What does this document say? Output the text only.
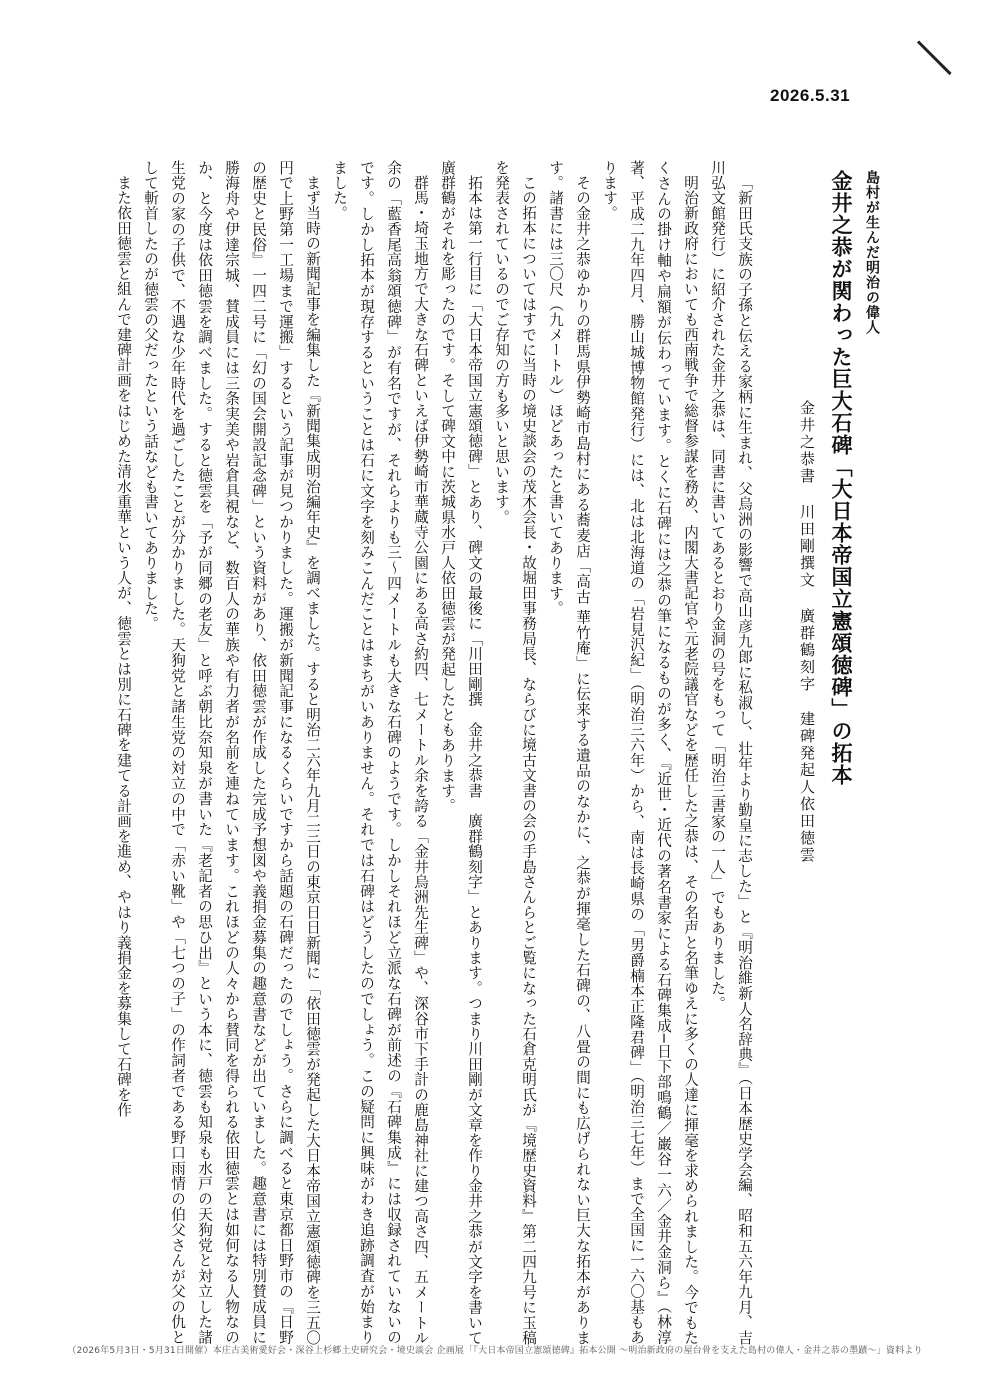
2026.5.31
島村が生んだ明治の偉人
金井之恭が関わった巨大石碑「大日本帝国立憲頌徳碑」の拓本
金井之恭書 川田剛撰文 廣群鶴刻字 建碑発起人依田徳雲

「新田氏支族の子孫と伝える家柄に生まれ、父烏洲の影響で高山彦九郎に私淑し、壮年より勤皇に志した」と『明治維新人名辞典』（日本歴史学会編、昭和五六年九月、吉川弘文館発行）に紹介された金井之恭は、同書に書いてあるとおり金洞の号をもって「明治三書家の一人」でもありました。

明治新政府においても西南戦争で総督参謀を務め、内閣大書記官や元老院議官などを歴任した之恭は、その名声と名筆ゆえに多くの人達に揮毫を求められました。今でもたくさんの掛け軸や扁額が伝わっています。とくに石碑には之恭の筆になるものが多く、『近世・近代の著名書家による石碑集成─日下部鳴鶴／巌谷一六／金井金洞ら』（林淳著、平成二九年四月、勝山城博物館発行）には、北は北海道の「岩見沢紀」（明治三六年）から、南は長崎県の「男爵楠本正隆君碑」（明治三七年）まで全国に一六〇基もあります。

その金井之恭ゆかりの群馬県伊勢崎市島村にある蕎麦店「高古 華竹庵」に伝来する遺品のなかに、之恭が揮毫した石碑の、八畳の間にも広げられない巨大な拓本があります。諸書には三〇尺（九メートル）ほどあったと書いてあります。

この拓本についてはすでに当時の境史談会の茂木会長・故堀田事務局長、ならびに境古文書の会の手島さんらとご覧になった石倉克明氏が『境歴史資料』第二四九号に玉稿を発表されているのでご存知の方も多いと思います。

拓本は第一行目に「大日本帝国立憲頌徳碑」とあり、碑文の最後に「川田剛撰　金井之恭書　廣群鶴刻字」とあります。つまり川田剛が文章を作り金井之恭が文字を書いて廣群鶴がそれを彫ったのです。そして碑文中に茨城県水戸人依田徳雲が発起したともあります。

群馬・埼玉地方で大きな石碑といえば伊勢崎市華蔵寺公園にある高さ約四、七メートル余を誇る「金井烏洲先生碑」や、深谷市下手計の鹿島神社に建つ高さ四、五メートル余の「藍香尾高翁頌徳碑」が有名ですが、それらよりも三〜四メートルも大きな石碑のようです。しかしそれほど立派な石碑が前述の『石碑集成』には収録されていないのです。しかし拓本が現存するということは石に文字を刻みこんだことはまちがいありません。それでは石碑はどうしたのでしょう。この疑問に興味がわき追跡調査が始まりました。

まず当時の新聞記事を編集した『新聞集成明治編年史』を調べました。すると明治二六年九月二三日の東京日日新聞に「依田徳雲が発起した大日本帝国立憲頌徳碑を三五〇円で上野第一工場まで運搬」するという記事が見つかりました。運搬が新聞記事になるくらいですから話題の石碑だったのでしょう。さらに調べると東京都日野市の『日野の歴史と民俗』一四二号に「幻の国会開設記念碑」という資料があり、依田徳雲が作成した完成予想図や義捐金募集の趣意書などが出ていました。趣意書には特別賛成員に勝海舟や伊達宗城、賛成員には三条実美や岩倉具視など、数百人の華族や有力者が名前を連ねています。これほどの人々から賛同を得られる依田徳雲とは如何なる人物なのか、と今度は依田徳雲を調べました。すると徳雲を「予が同郷の老友」と呼ぶ朝比奈知泉が書いた『老記者の思ひ出』という本に、徳雲も知泉も水戸の天狗党と対立した諸生党の家の子供で、不遇な少年時代を過ごしたことが分かりました。天狗党と諸生党の対立の中で「赤い靴」や「七つの子」の作詞者である野口雨情の伯父さんが父の仇として斬首したのが徳雲の父だったという話なども書いてありました。

また依田徳雲と組んで建碑計画をはじめた清水重華という人が、徳雲とは別に石碑を建てる計画を進め、やはり義捐金を募集して石碑を作

（2026年5月3日・5月31日開催）本庄古美術愛好会・深谷上杉郷土史研究会・境史談会 企画展「『大日本帝国立憲頌徳碑』拓本公開 〜明治新政府の屋台骨を支えた島村の偉人・金井之恭の墨蹟〜」資料より
